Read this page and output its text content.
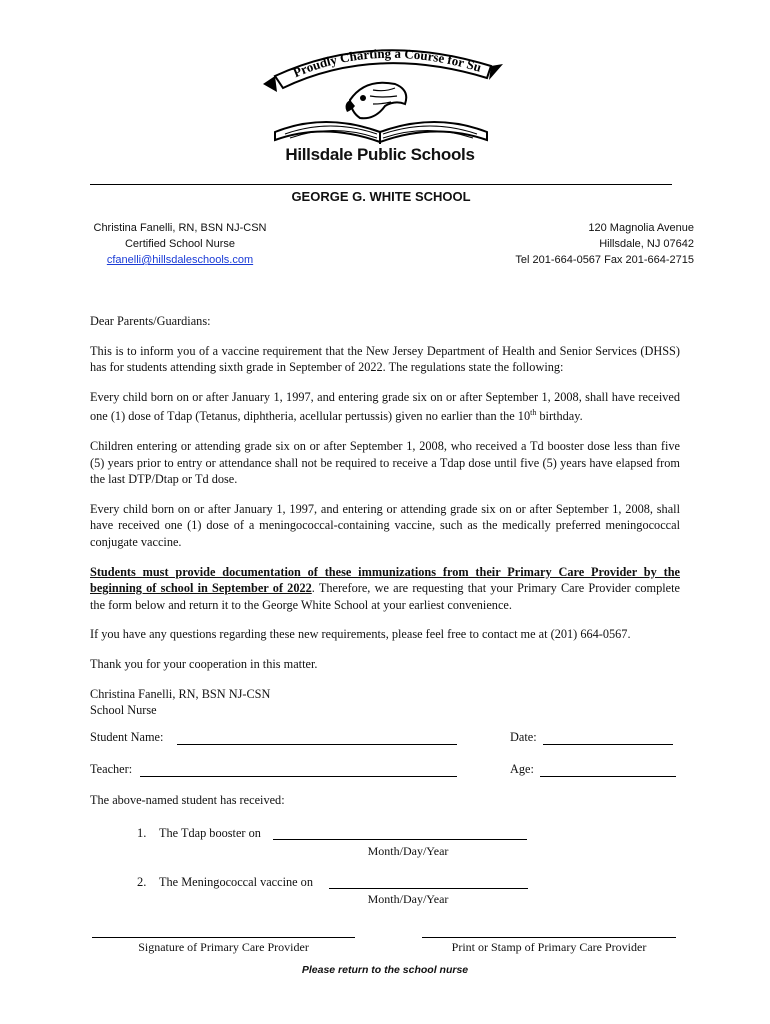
Proudly Charting a Course for Su
Hillsdale Public Schools
GEORGE G. WHITE SCHOOL
Christina Fanelli, RN, BSN NJ-CSN
Certified School Nurse
cfanelli@hillsdaleschools.com
120 Magnolia Avenue
Hillsdale, NJ 07642
Tel 201-664-0567 Fax 201-664-2715

Dear Parents/Guardians:

This is to inform you of a vaccine requirement that the New Jersey Department of Health and Senior Services (DHSS) has for students attending sixth grade in September of 2022. The regulations state the following:

Every child born on or after January 1, 1997, and entering grade six on or after September 1, 2008, shall have received one (1) dose of Tdap (Tetanus, diphtheria, acellular pertussis) given no earlier than the 10th birthday.

Children entering or attending grade six on or after September 1, 2008, who received a Td booster dose less than five (5) years prior to entry or attendance shall not be required to receive a Tdap dose until five (5) years have elapsed from the last DTP/Dtap or Td dose.

Every child born on or after January 1, 1997, and entering or attending grade six on or after September 1, 2008, shall have received one (1) dose of a meningococcal-containing vaccine, such as the medically preferred meningococcal conjugate vaccine.

Students must provide documentation of these immunizations from their Primary Care Provider by the beginning of school in September of 2022. Therefore, we are requesting that your Primary Care Provider complete the form below and return it to the George White School at your earliest convenience.

If you have any questions regarding these new requirements, please feel free to contact me at (201) 664-0567.

Thank you for your cooperation in this matter.

Christina Fanelli, RN, BSN NJ-CSN
School Nurse

Student Name:	Date:
Teacher:	Age:
The above-named student has received:
1. The Tdap booster on
Month/Day/Year
2. The Meningococcal vaccine on
Month/Day/Year
Signature of Primary Care Provider	Print or Stamp of Primary Care Provider
Please return to the school nurse
